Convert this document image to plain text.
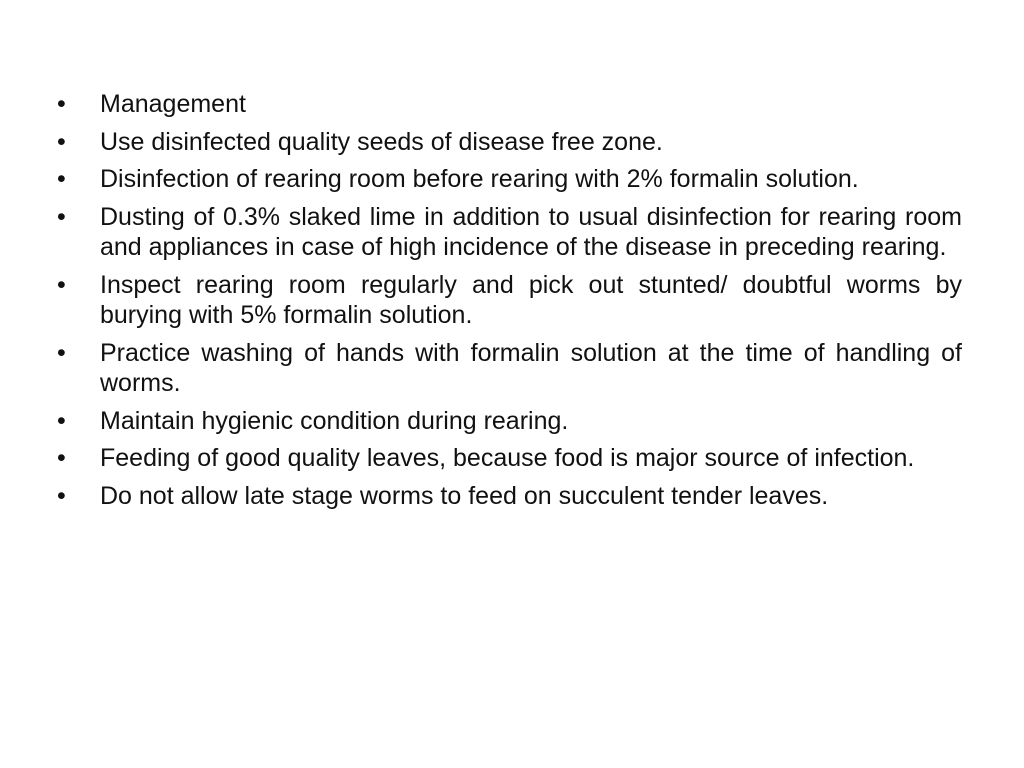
•	Management
•	Use disinfected quality seeds of disease free zone.
•	Disinfection of rearing room before rearing with 2% formalin solution.
•	Dusting of 0.3% slaked lime in addition to usual disinfection for rearing room and appliances in case of high incidence of the disease in preceding rearing.
•	Inspect rearing room regularly and pick out stunted/ doubtful worms by burying with 5% formalin solution.
•	Practice washing of hands with formalin solution at the time of handling of worms.
•	Maintain hygienic condition during rearing.
•	Feeding of good quality leaves, because food is major source of infection.
•	Do not allow late stage worms to feed on succulent tender leaves.
